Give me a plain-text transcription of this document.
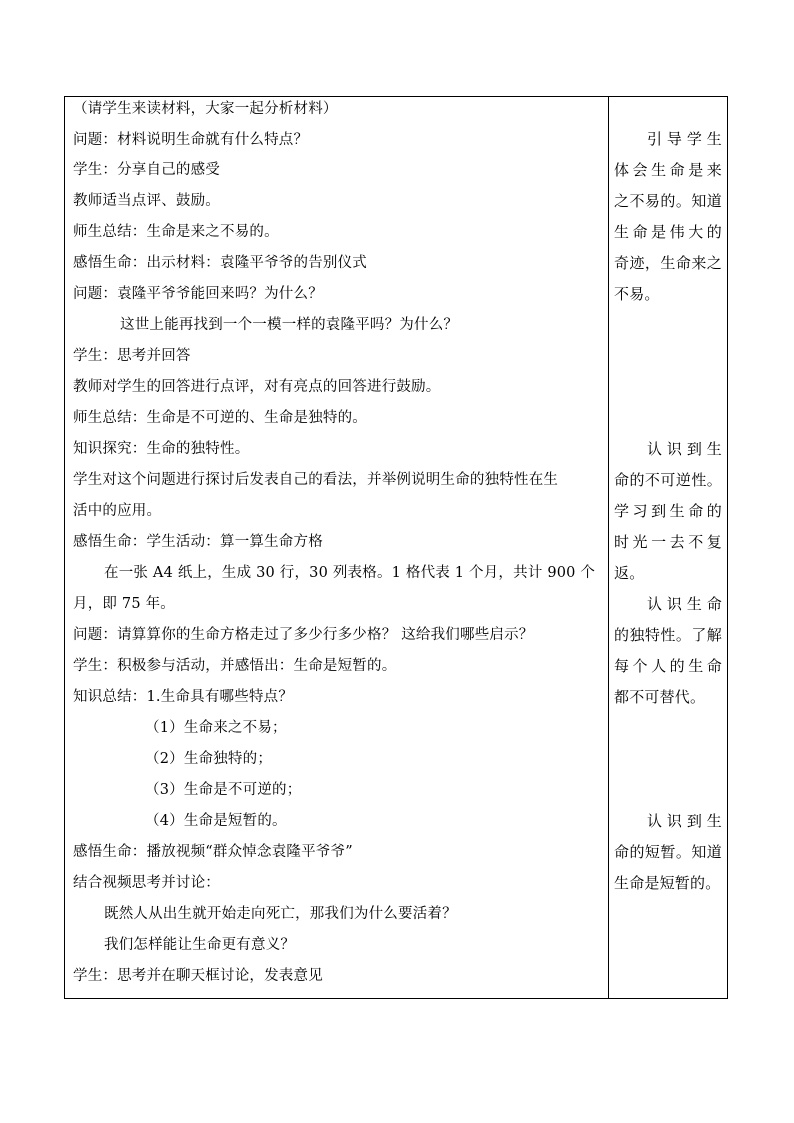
（请学生来读材料，大家一起分析材料）
问题：材料说明生命就有什么特点？
学生：分享自己的感受
教师适当点评、鼓励。
师生总结：生命是来之不易的。
感悟生命：出示材料：袁隆平爷爷的告别仪式
问题：袁隆平爷爷能回来吗？为什么？
这世上能再找到一个一模一样的袁隆平吗？为什么？
学生：思考并回答
教师对学生的回答进行点评，对有亮点的回答进行鼓励。
师生总结：生命是不可逆的、生命是独特的。
知识探究：生命的独特性。
学生对这个问题进行探讨后发表自己的看法，并举例说明生命的独特性在生
活中的应用。
感悟生命：学生活动：算一算生命方格
在一张 A4 纸上，生成 30 行，30 列表格。1 格代表 1 个月，共计 900 个
月，即 75 年。
问题：请算算你的生命方格走过了多少行多少格？ 这给我们哪些启示？
学生：积极参与活动，并感悟出：生命是短暂的。
知识总结：1.生命具有哪些特点？
（1）生命来之不易；
（2）生命独特的；
（3）生命是不可逆的；
（4）生命是短暂的。
感悟生命：播放视频“群众悼念袁隆平爷爷”
结合视频思考并讨论：
既然人从出生就开始走向死亡，那我们为什么要活着？
我们怎样能让生命更有意义？
学生：思考并在聊天框讨论，发表意见
引导学生
体会生命是来
之不易的。知道
生命是伟大的
奇迹，生命来之
不易。
认识到生
命的不可逆性。
学习到生命的
时光一去不复
返。
认识生命
的独特性。了解
每个人的生命
都不可替代。
认识到生
命的短暂。知道
生命是短暂的。
